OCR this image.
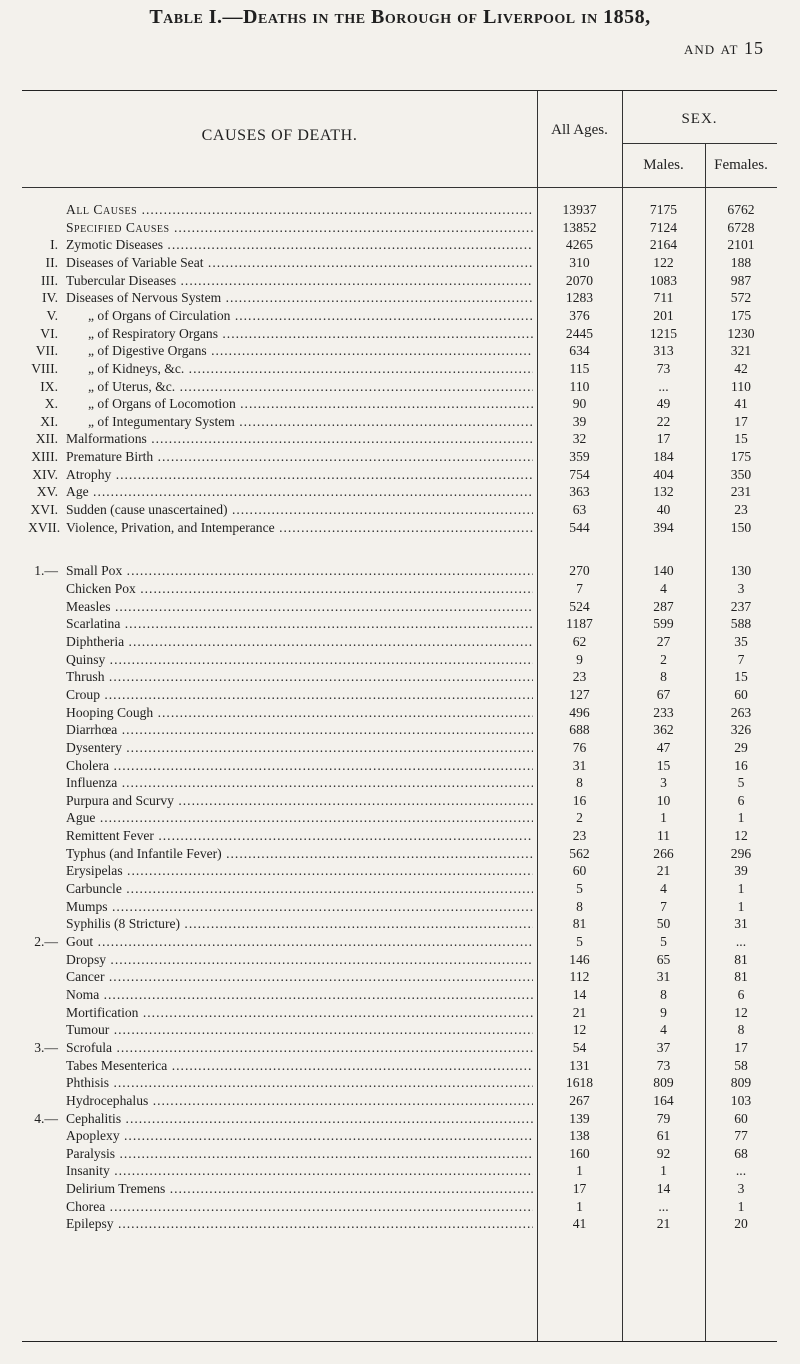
Table I.—Deaths in the Borough of Liverpool in 1858,
and at 15
CAUSES OF DEATH.	All Ages.
SEX.
Males.	Females.
All Causes .....	13937	7175	6762
Specified Causes .....	13852	7124	6728
I. Zymotic Diseases .....	4265	2164	2101
II. Diseases of Variable Seat .....	310	122	188
III. Tubercular Diseases .....	2070	1083	987
IV. Diseases of Nervous System .....	1283	711	572
V. „ of Organs of Circulation .....	376	201	175
VI. „ of Respiratory Organs .....	2445	1215	1230
VII. „ of Digestive Organs .....	634	313	321
VIII. „ of Kidneys, &c. .....	115	73	42
IX. „ of Uterus, &c. .....	110	...	110
X. „ of Organs of Locomotion .....	90	49	41
XI. „ of Integumentary System .....	39	22	17
XII. Malformations .....	32	17	15
XIII. Premature Birth .....	359	184	175
XIV. Atrophy .....	754	404	350
XV. Age .....	363	132	231
XVI. Sudden (cause unascertained) .....	63	40	23
XVII. Violence, Privation, and Intemperance .....	544	394	150
1.— Small Pox .....	270	140	130
Chicken Pox .....	7	4	3
Measles .....	524	287	237
Scarlatina .....	1187	599	588
Diphtheria .....	62	27	35
Quinsy .....	9	2	7
Thrush .....	23	8	15
Croup .....	127	67	60
Hooping Cough .....	496	233	263
Diarrhœa .....	688	362	326
Dysentery .....	76	47	29
Cholera .....	31	15	16
Influenza .....	8	3	5
Purpura and Scurvy .....	16	10	6
Ague .....	2	1	1
Remittent Fever .....	23	11	12
Typhus (and Infantile Fever) .....	562	266	296
Erysipelas .....	60	21	39
Carbuncle .....	5	4	1
Mumps .....	8	7	1
Syphilis (8 Stricture) .....	81	50	31
2.— Gout .....	5	5	...
Dropsy .....	146	65	81
Cancer .....	112	31	81
Noma .....	14	8	6
Mortification .....	21	9	12
Tumour .....	12	4	8
3.— Scrofula .....	54	37	17
Tabes Mesenterica .....	131	73	58
Phthisis .....	1618	809	809
Hydrocephalus .....	267	164	103
4.— Cephalitis .....	139	79	60
Apoplexy .....	138	61	77
Paralysis .....	160	92	68
Insanity .....	1	1	...
Delirium Tremens .....	17	14	3
Chorea .....	1	...	1
Epilepsy .....	41	21	20
